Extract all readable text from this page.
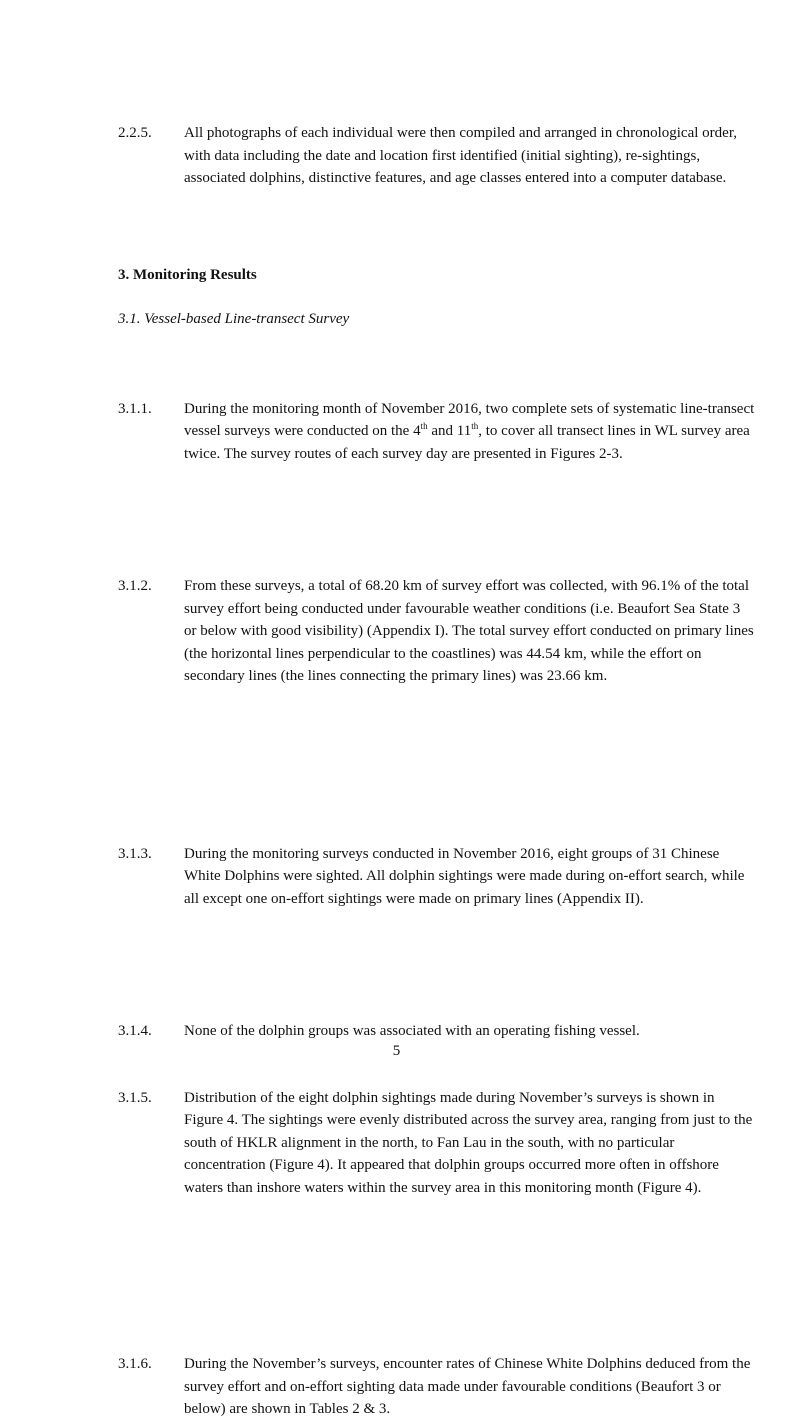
2.2.5. All photographs of each individual were then compiled and arranged in chronological order, with data including the date and location first identified (initial sighting), re-sightings, associated dolphins, distinctive features, and age classes entered into a computer database.
3. Monitoring Results
3.1. Vessel-based Line-transect Survey
3.1.1. During the monitoring month of November 2016, two complete sets of systematic line-transect vessel surveys were conducted on the 4th and 11th, to cover all transect lines in WL survey area twice. The survey routes of each survey day are presented in Figures 2-3.
3.1.2. From these surveys, a total of 68.20 km of survey effort was collected, with 96.1% of the total survey effort being conducted under favourable weather conditions (i.e. Beaufort Sea State 3 or below with good visibility) (Appendix I). The total survey effort conducted on primary lines (the horizontal lines perpendicular to the coastlines) was 44.54 km, while the effort on secondary lines (the lines connecting the primary lines) was 23.66 km.
3.1.3. During the monitoring surveys conducted in November 2016, eight groups of 31 Chinese White Dolphins were sighted. All dolphin sightings were made during on-effort search, while all except one on-effort sightings were made on primary lines (Appendix II).
3.1.4. None of the dolphin groups was associated with an operating fishing vessel.
3.1.5. Distribution of the eight dolphin sightings made during November’s surveys is shown in Figure 4. The sightings were evenly distributed across the survey area, ranging from just to the south of HKLR alignment in the north, to Fan Lau in the south, with no particular concentration (Figure 4). It appeared that dolphin groups occurred more often in offshore waters than inshore waters within the survey area in this monitoring month (Figure 4).
3.1.6. During the November’s surveys, encounter rates of Chinese White Dolphins deduced from the survey effort and on-effort sighting data made under favourable conditions (Beaufort 3 or below) are shown in Tables 2 & 3.
5
